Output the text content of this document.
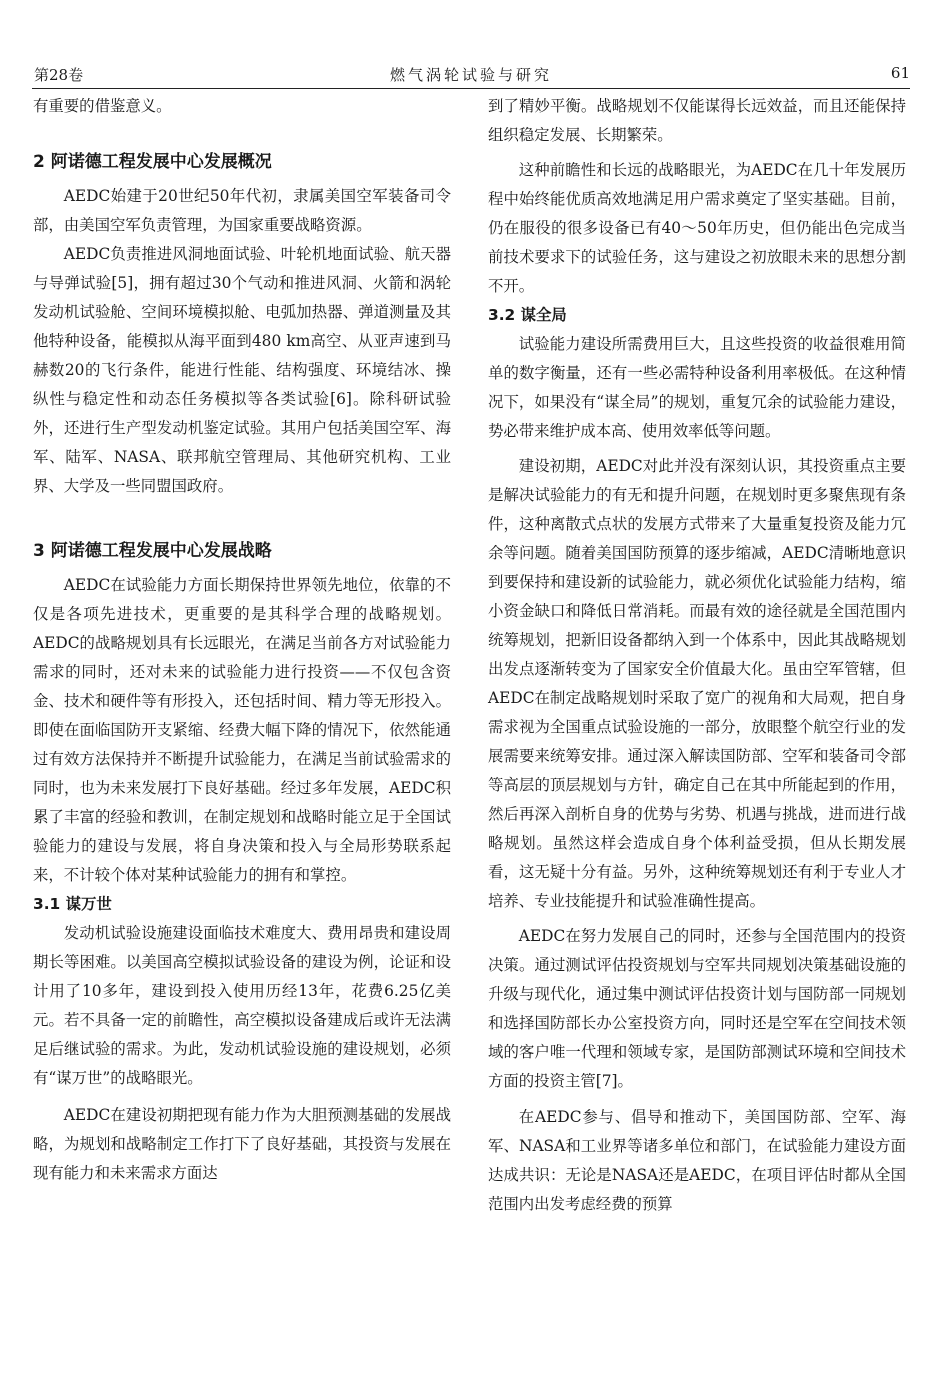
第28卷	燃气涡轮试验与研究	61

有重要的借鉴意义。

2 阿诺德工程发展中心发展概况

AEDC始建于20世纪50年代初，隶属美国空军装备司令部，由美国空军负责管理，为国家重要战略资源。

AEDC负责推进风洞地面试验、叶轮机地面试验、航天器与导弹试验[5]，拥有超过30个气动和推进风洞、火箭和涡轮发动机试验舱、空间环境模拟舱、电弧加热器、弹道测量及其他特种设备，能模拟从海平面到480 km高空、从亚声速到马赫数20的飞行条件，能进行性能、结构强度、环境结冰、操纵性与稳定性和动态任务模拟等各类试验[6]。除科研试验外，还进行生产型发动机鉴定试验。其用户包括美国空军、海军、陆军、NASA、联邦航空管理局、其他研究机构、工业界、大学及一些同盟国政府。

3 阿诺德工程发展中心发展战略

AEDC在试验能力方面长期保持世界领先地位，依靠的不仅是各项先进技术，更重要的是其科学合理的战略规划。AEDC的战略规划具有长远眼光，在满足当前各方对试验能力需求的同时，还对未来的试验能力进行投资——不仅包含资金、技术和硬件等有形投入，还包括时间、精力等无形投入。即使在面临国防开支紧缩、经费大幅下降的情况下，依然能通过有效方法保持并不断提升试验能力，在满足当前试验需求的同时，也为未来发展打下良好基础。经过多年发展，AEDC积累了丰富的经验和教训，在制定规划和战略时能立足于全国试验能力的建设与发展，将自身决策和投入与全局形势联系起来，不计较个体对某种试验能力的拥有和掌控。

3.1 谋万世

发动机试验设施建设面临技术难度大、费用昂贵和建设周期长等困难。以美国高空模拟试验设备的建设为例，论证和设计用了10多年，建设到投入使用历经13年，花费6.25亿美元。若不具备一定的前瞻性，高空模拟设备建成后或许无法满足后继试验的需求。为此，发动机试验设施的建设规划，必须有“谋万世”的战略眼光。

AEDC在建设初期把现有能力作为大胆预测基础的发展战略，为规划和战略制定工作打下了良好基础，其投资与发展在现有能力和未来需求方面达

到了精妙平衡。战略规划不仅能谋得长远效益，而且还能保持组织稳定发展、长期繁荣。

这种前瞻性和长远的战略眼光，为AEDC在几十年发展历程中始终能优质高效地满足用户需求奠定了坚实基础。目前，仍在服役的很多设备已有40～50年历史，但仍能出色完成当前技术要求下的试验任务，这与建设之初放眼未来的思想分割不开。

3.2 谋全局

试验能力建设所需费用巨大，且这些投资的收益很难用简单的数字衡量，还有一些必需特种设备利用率极低。在这种情况下，如果没有“谋全局”的规划，重复冗余的试验能力建设，势必带来维护成本高、使用效率低等问题。

建设初期，AEDC对此并没有深刻认识，其投资重点主要是解决试验能力的有无和提升问题，在规划时更多聚焦现有条件，这种离散式点状的发展方式带来了大量重复投资及能力冗余等问题。随着美国国防预算的逐步缩减，AEDC清晰地意识到要保持和建设新的试验能力，就必须优化试验能力结构，缩小资金缺口和降低日常消耗。而最有效的途径就是全国范围内统筹规划，把新旧设备都纳入到一个体系中，因此其战略规划出发点逐渐转变为了国家安全价值最大化。虽由空军管辖，但AEDC在制定战略规划时采取了宽广的视角和大局观，把自身需求视为全国重点试验设施的一部分，放眼整个航空行业的发展需要来统筹安排。通过深入解读国防部、空军和装备司令部等高层的顶层规划与方针，确定自己在其中所能起到的作用，然后再深入剖析自身的优势与劣势、机遇与挑战，进而进行战略规划。虽然这样会造成自身个体利益受损，但从长期发展看，这无疑十分有益。另外，这种统筹规划还有利于专业人才培养、专业技能提升和试验准确性提高。

AEDC在努力发展自己的同时，还参与全国范围内的投资决策。通过测试评估投资规划与空军共同规划决策基础设施的升级与现代化，通过集中测试评估投资计划与国防部一同规划和选择国防部长办公室投资方向，同时还是空军在空间技术领域的客户唯一代理和领域专家，是国防部测试环境和空间技术方面的投资主管[7]。

在AEDC参与、倡导和推动下，美国国防部、空军、海军、NASA和工业界等诸多单位和部门，在试验能力建设方面达成共识：无论是NASA还是AEDC，在项目评估时都从全国范围内出发考虑经费的预算
